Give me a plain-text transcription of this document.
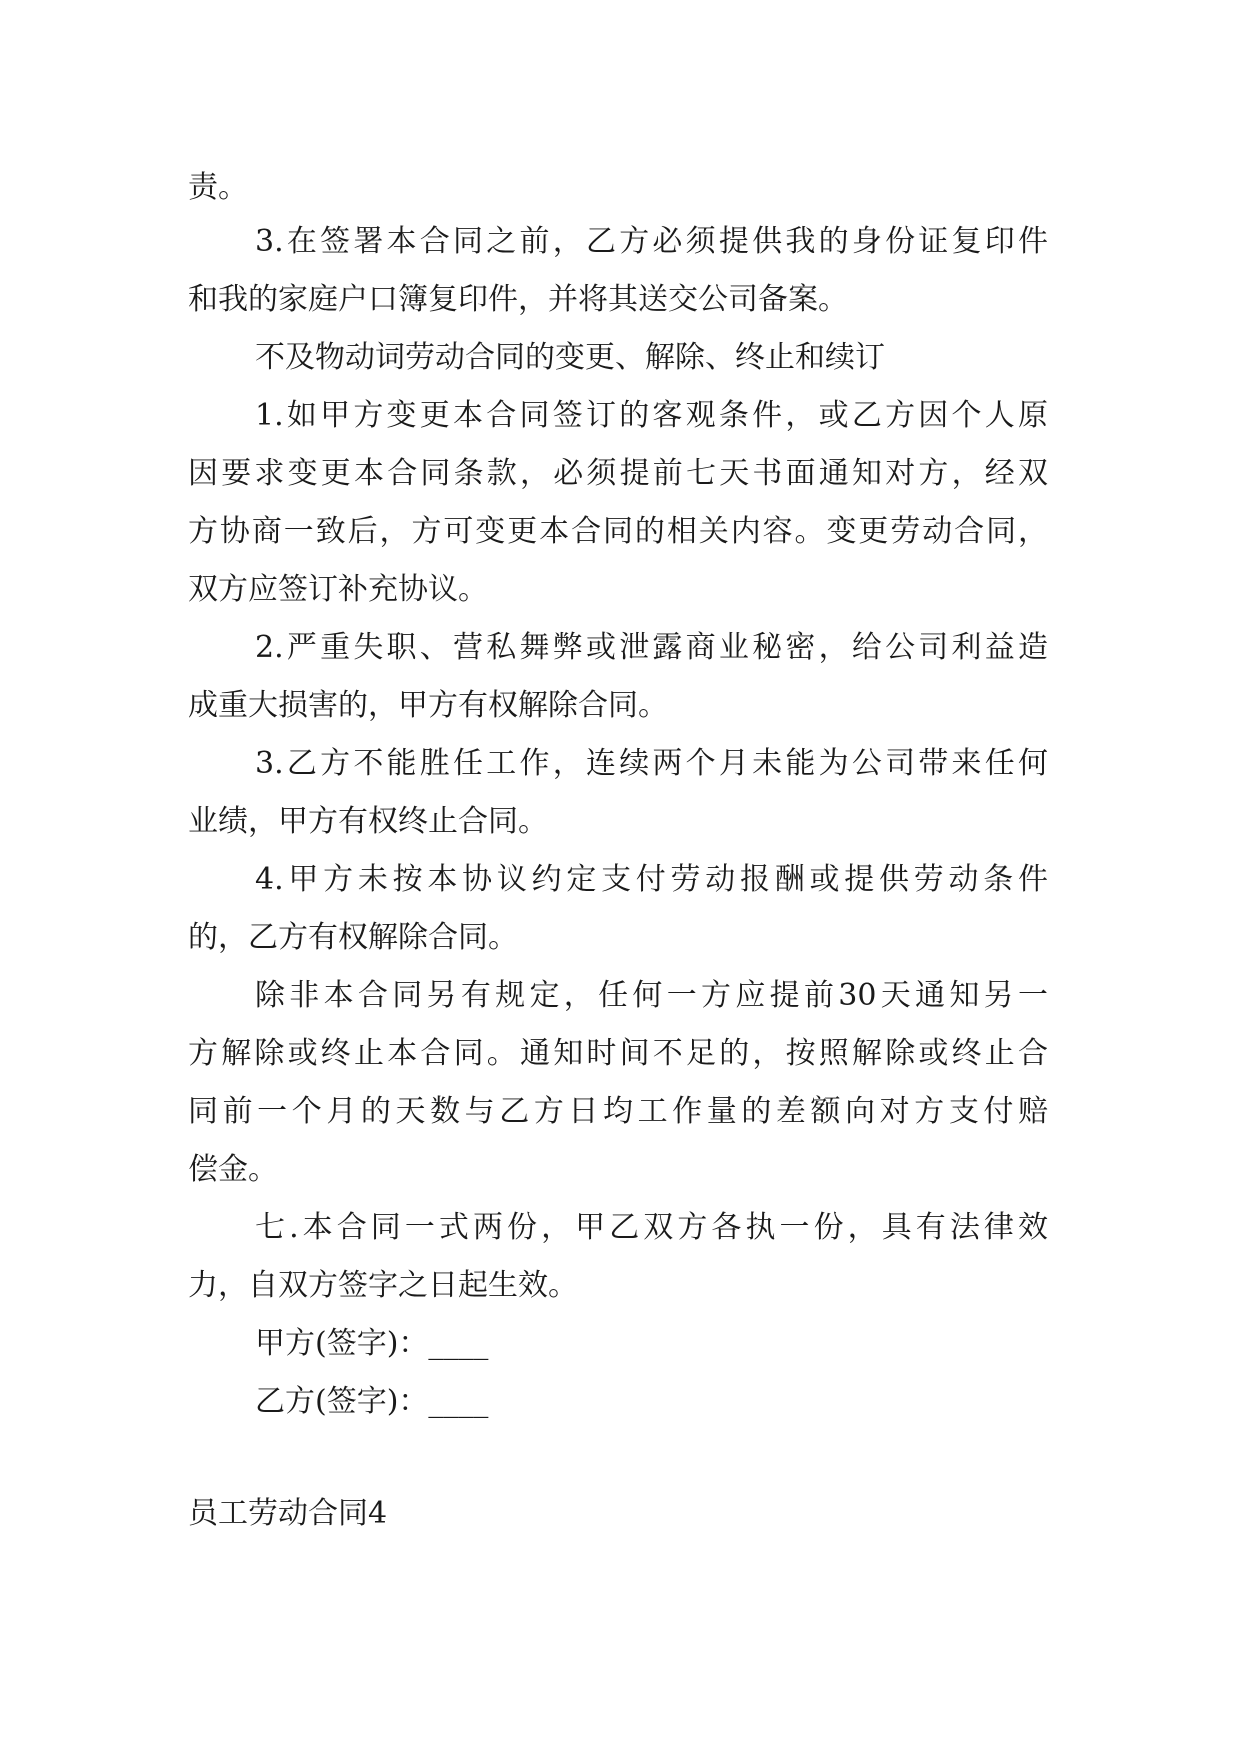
责。
3.在签署本合同之前，乙方必须提供我的身份证复印件
和我的家庭户口簿复印件，并将其送交公司备案。
不及物动词劳动合同的变更、解除、终止和续订
1.如甲方变更本合同签订的客观条件，或乙方因个人原
因要求变更本合同条款，必须提前七天书面通知对方，经双
方协商一致后，方可变更本合同的相关内容。变更劳动合同，
双方应签订补充协议。
2.严重失职、营私舞弊或泄露商业秘密，给公司利益造
成重大损害的，甲方有权解除合同。
3.乙方不能胜任工作，连续两个月未能为公司带来任何
业绩，甲方有权终止合同。
4.甲方未按本协议约定支付劳动报酬或提供劳动条件
的，乙方有权解除合同。
除非本合同另有规定，任何一方应提前30天通知另一
方解除或终止本合同。通知时间不足的，按照解除或终止合
同前一个月的天数与乙方日均工作量的差额向对方支付赔
偿金。
七.本合同一式两份，甲乙双方各执一份，具有法律效
力，自双方签字之日起生效。
甲方(签字)：____
乙方(签字)：____
员工劳动合同4
